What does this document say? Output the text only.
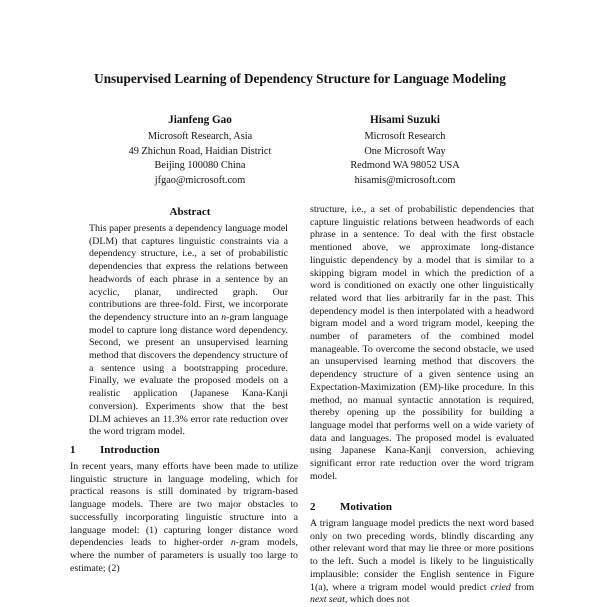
Unsupervised Learning of Dependency Structure for Language Modeling
Jianfeng Gao
Microsoft Research, Asia
49 Zhichun Road, Haidian District
Beijing 100080 China
jfgao@microsoft.com
Hisami Suzuki
Microsoft Research
One Microsoft Way
Redmond WA 98052 USA
hisamis@microsoft.com
Abstract

This paper presents a dependency language model (DLM) that captures linguistic constraints via a dependency structure, i.e., a set of probabilistic dependencies that express the relations between headwords of each phrase in a sentence by an acyclic, planar, undirected graph. Our contributions are three-fold. First, we incorporate the dependency structure into an n-gram language model to capture long distance word dependency. Second, we present an unsupervised learning method that discovers the dependency structure of a sentence using a bootstrapping procedure. Finally, we evaluate the proposed models on a realistic application (Japanese Kana-Kanji conversion). Experiments show that the best DLM achieves an 11.3% error rate reduction over the word trigram model.

1 Introduction

In recent years, many efforts have been made to utilize linguistic structure in language modeling, which for practical reasons is still dominated by trigram-based language models. There are two major obstacles to successfully incorporating linguistic structure into a language model: (1) capturing longer distance word dependencies leads to higher-order n-gram models, where the number of parameters is usually too large to estimate; (2)

structure, i.e., a set of probabilistic dependencies that capture linguistic relations between headwords of each phrase in a sentence. To deal with the first obstacle mentioned above, we approximate long-distance linguistic dependency by a model that is similar to a skipping bigram model in which the prediction of a word is conditioned on exactly one other linguistically related word that lies arbitrarily far in the past. This dependency model is then interpolated with a headword bigram model and a word trigram model, keeping the number of parameters of the combined model manageable. To overcome the second obstacle, we used an unsupervised learning method that discovers the dependency structure of a given sentence using an Expectation-Maximization (EM)-like procedure. In this method, no manual syntactic annotation is required, thereby opening up the possibility for building a language model that performs well on a wide variety of data and languages. The proposed model is evaluated using Japanese Kana-Kanji conversion, achieving significant error rate reduction over the word trigram model.

2 Motivation

A trigram language model predicts the next word based only on two preceding words, blindly discarding any other relevant word that may lie three or more positions to the left. Such a model is likely to be linguistically implausible: consider the English sentence in Figure 1(a), where a trigram model would predict cried from next seat, which does not
